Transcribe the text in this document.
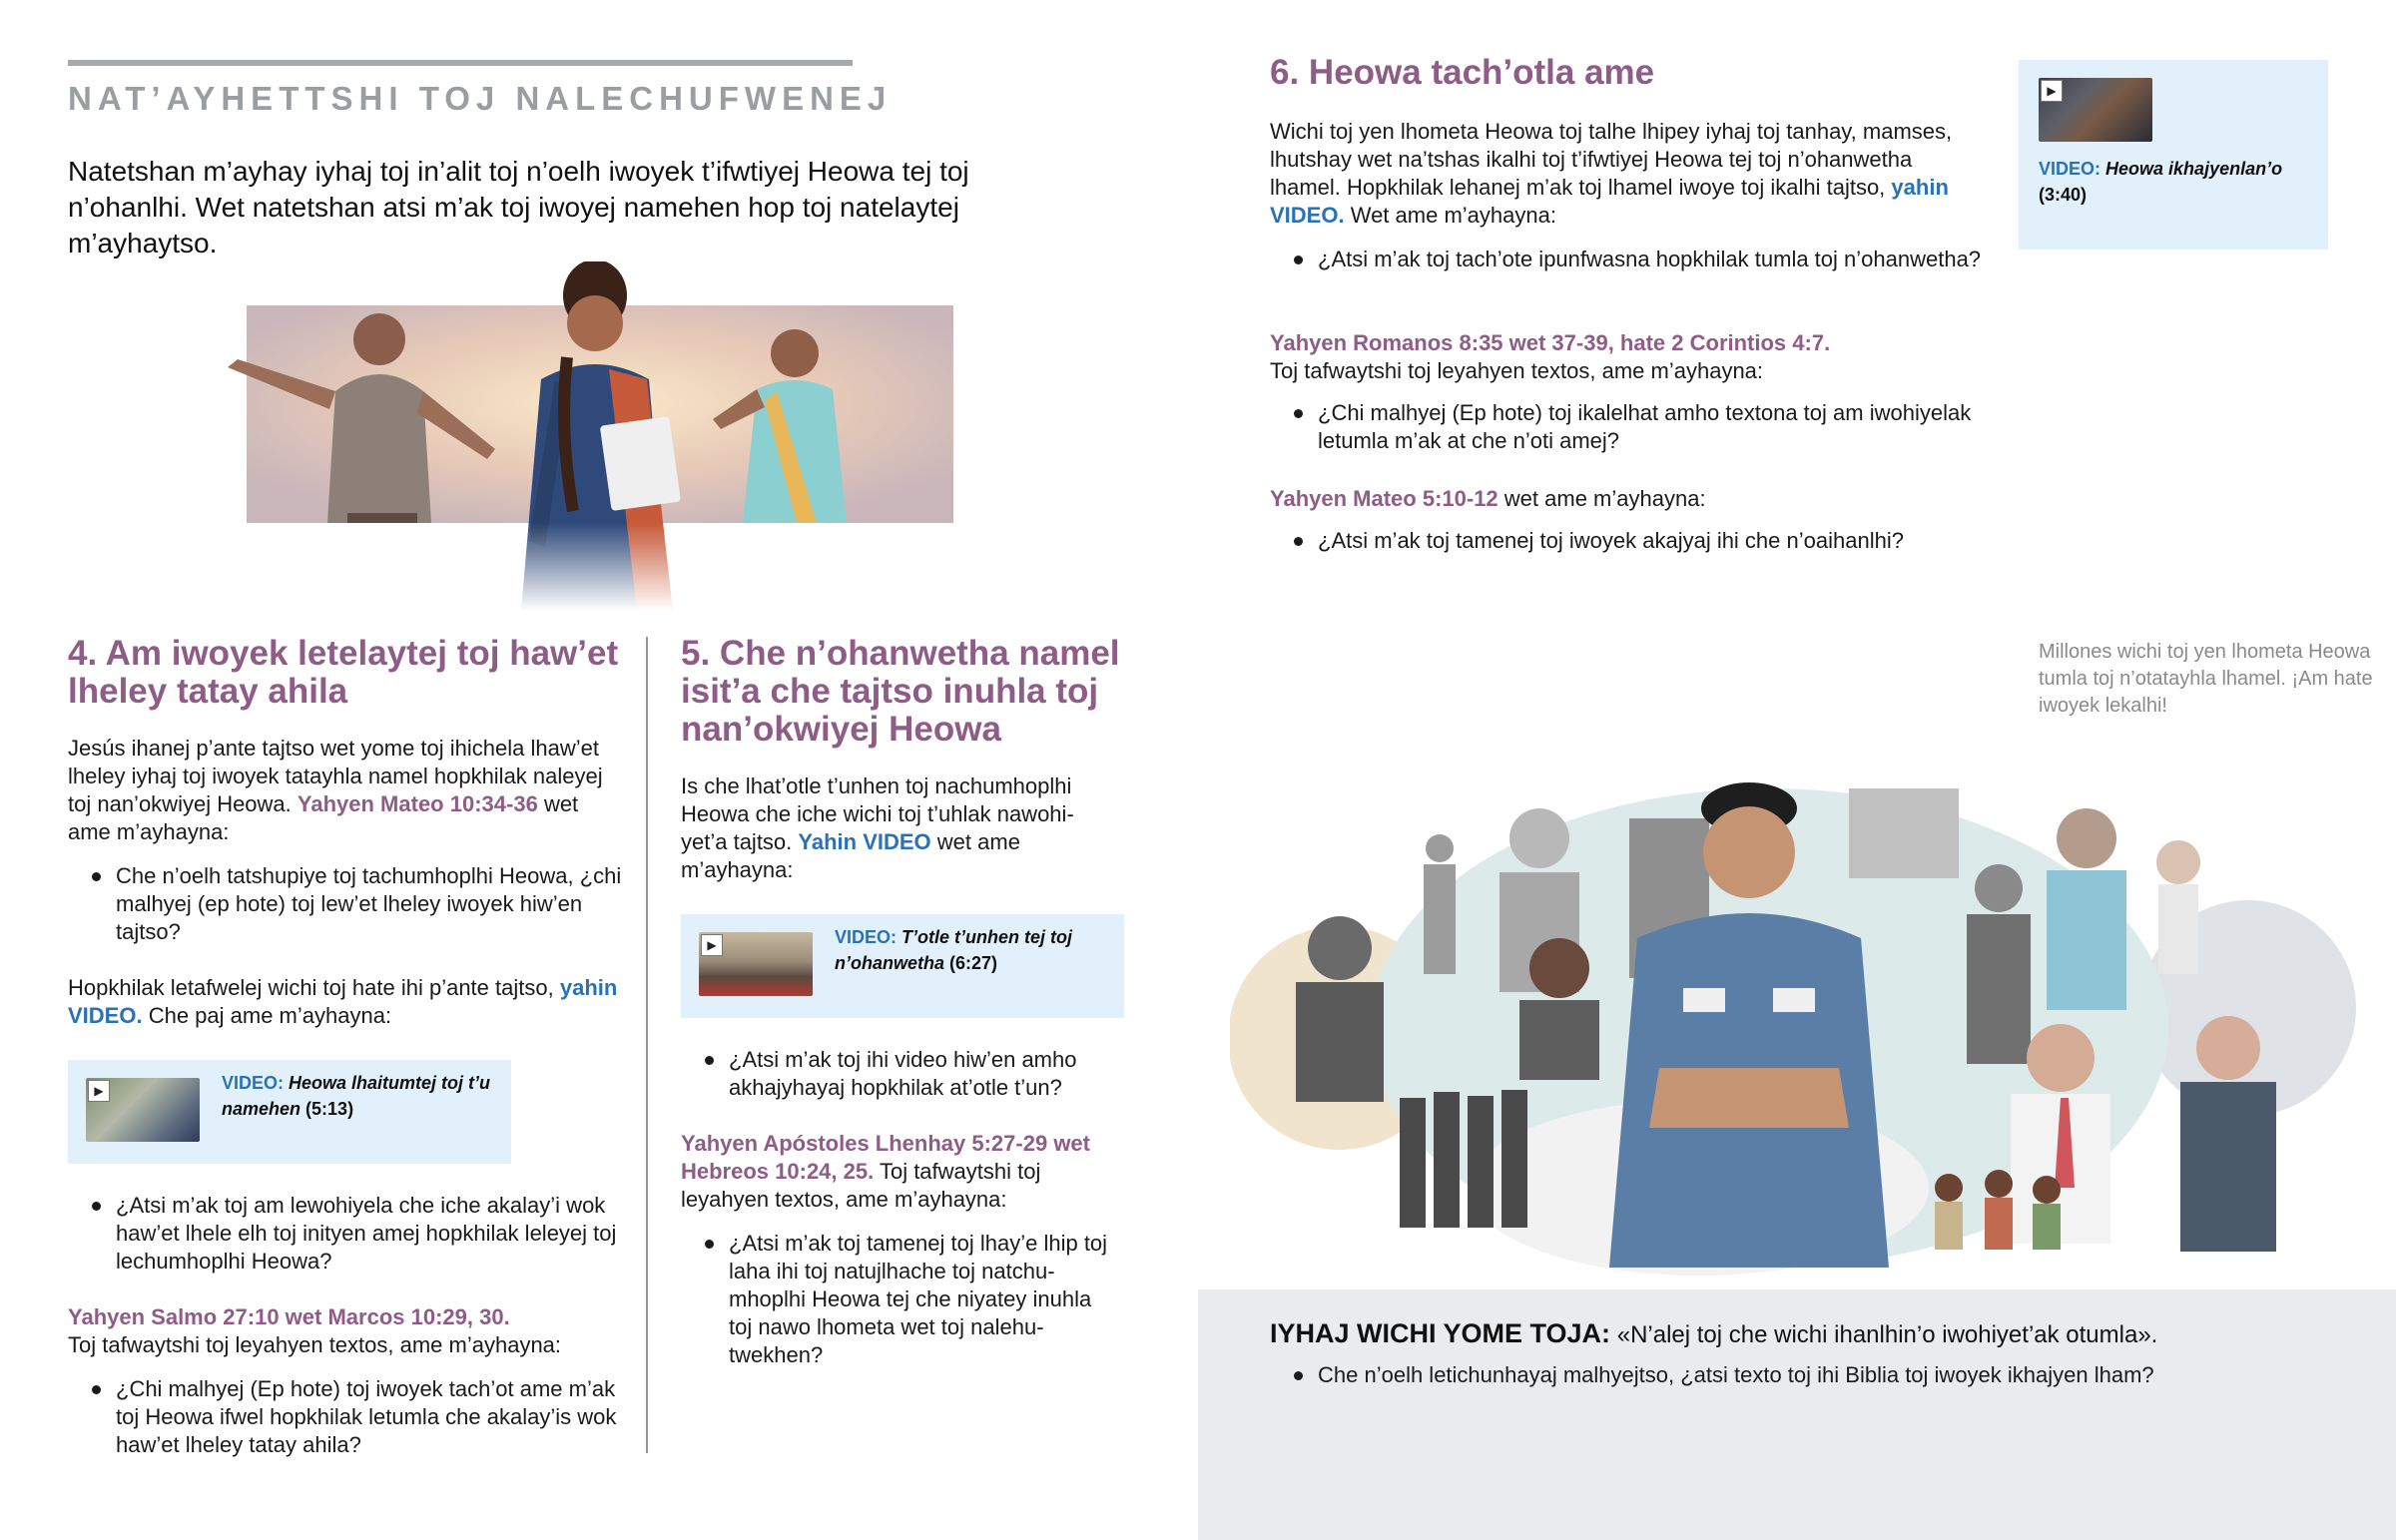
NAT’AYHETTSHI TOJ NALECHUFWENEJ
Natetshan m’ayhay iyhaj toj in’alit toj n’oelh iwoyek t’ifwtiyej Heowa tej toj n’ohanlhi. Wet natetshan atsi m’ak toj iwoyej namehen hop toj natelaytej m’ayhaytso.
4. Am iwoyek letelaytej toj haw’et lheley tatay ahila
Jesús ihanej p’ante tajtso wet yome toj ihichela lhaw’et lheley iyhaj toj iwoyek tatayhla namel hopkhilak naleyej toj nan’okwiyej Heowa. Yahyen Mateo 10:34-36 wet ame m’ayhayna:
Che n’oelh tatshupiye toj tachumhoplhi Heowa, ¿chi malhyej (ep hote) toj lew’et lheley iwoyek hiw’en tajtso?
Hopkhilak letafwelej wichi toj hate ihi p’ante tajtso, yahin VIDEO. Che paj ame m’ayhayna:
▶	VIDEO: Heowa lhaitumtej toj t’u namehen (5:13)
¿Atsi m’ak toj am lewohiyela che iche akalay’i wok haw’et lhele elh toj inityen amej hopkhilak leleyej toj lechumhoplhi Heowa?
Yahyen Salmo 27:10 wet Marcos 10:29, 30.
Toj tafwaytshi toj leyahyen textos, ame m’ayhayna:
¿Chi malhyej (Ep hote) toj iwoyek tach’ot ame m’ak toj Heowa ifwel hopkhilak letumla che akalay’is wok haw’et lheley tatay ahila?
5. Che n’ohanwetha namel isit’a che tajtso inuhla toj nan’okwiyej Heowa
Is che lhat’otle t’unhen toj nachumhoplhi Heowa che iche wichi toj t’uhlak nawohiyet’a tajtso. Yahin VIDEO wet ame m’ayhayna:
▶	VIDEO: T’otle t’unhen tej toj n’ohanwetha (6:27)
¿Atsi m’ak toj ihi video hiw’en amho akhajyhayaj hopkhilak at’otle t’un?
Yahyen Apóstoles Lhenhay 5:27-29 wet Hebreos 10:24, 25. Toj tafwaytshi toj leyahyen textos, ame m’ayhayna:
¿Atsi m’ak toj tamenej toj lhay’e lhip toj laha ihi toj natujlhache toj natchumhoplhi Heowa tej che niyatey inuhla toj nawo lhometa wet toj nalehutwekhen?
6. Heowa tach’otla ame
Wichi toj yen lhometa Heowa toj talhe lhipey iyhaj toj tanhay, mamses, lhutshay wet na’tshas ikalhi toj t’ifwtiyej Heowa tej toj n’ohanwetha lhamel. Hopkhilak lehanej m’ak toj lhamel iwoye toj ikalhi tajtso, yahin VIDEO. Wet ame m’ayhayna:
¿Atsi m’ak toj tach’ote ipunfwasna hopkhilak tumla toj n’ohanwetha?
Yahyen Romanos 8:35 wet 37-39, hate 2 Corintios 4:7.
Toj tafwaytshi toj leyahyen textos, ame m’ayhayna:
¿Chi malhyej (Ep hote) toj ikalelhat amho textona toj am iwohiyelak letumla m’ak at che n’oti amej?
Yahyen Mateo 5:10-12 wet ame m’ayhayna:
¿Atsi m’ak toj tamenej toj iwoyek akajyaj ihi che n’oaihanlhi?
▶
VIDEO: Heowa ikhajyenlan’o
(3:40)
Millones wichi toj yen lhometa Heowa tumla toj n’otatayhla lhamel. ¡Am hate iwoyek lekalhi!
IYHAJ WICHI YOME TOJA: «N’alej toj che wichi ihanlhin’o iwohiyet’ak otumla».
Che n’oelh letichunhayaj malhyejtso, ¿atsi texto toj ihi Biblia toj iwoyek ikhajyen lham?
